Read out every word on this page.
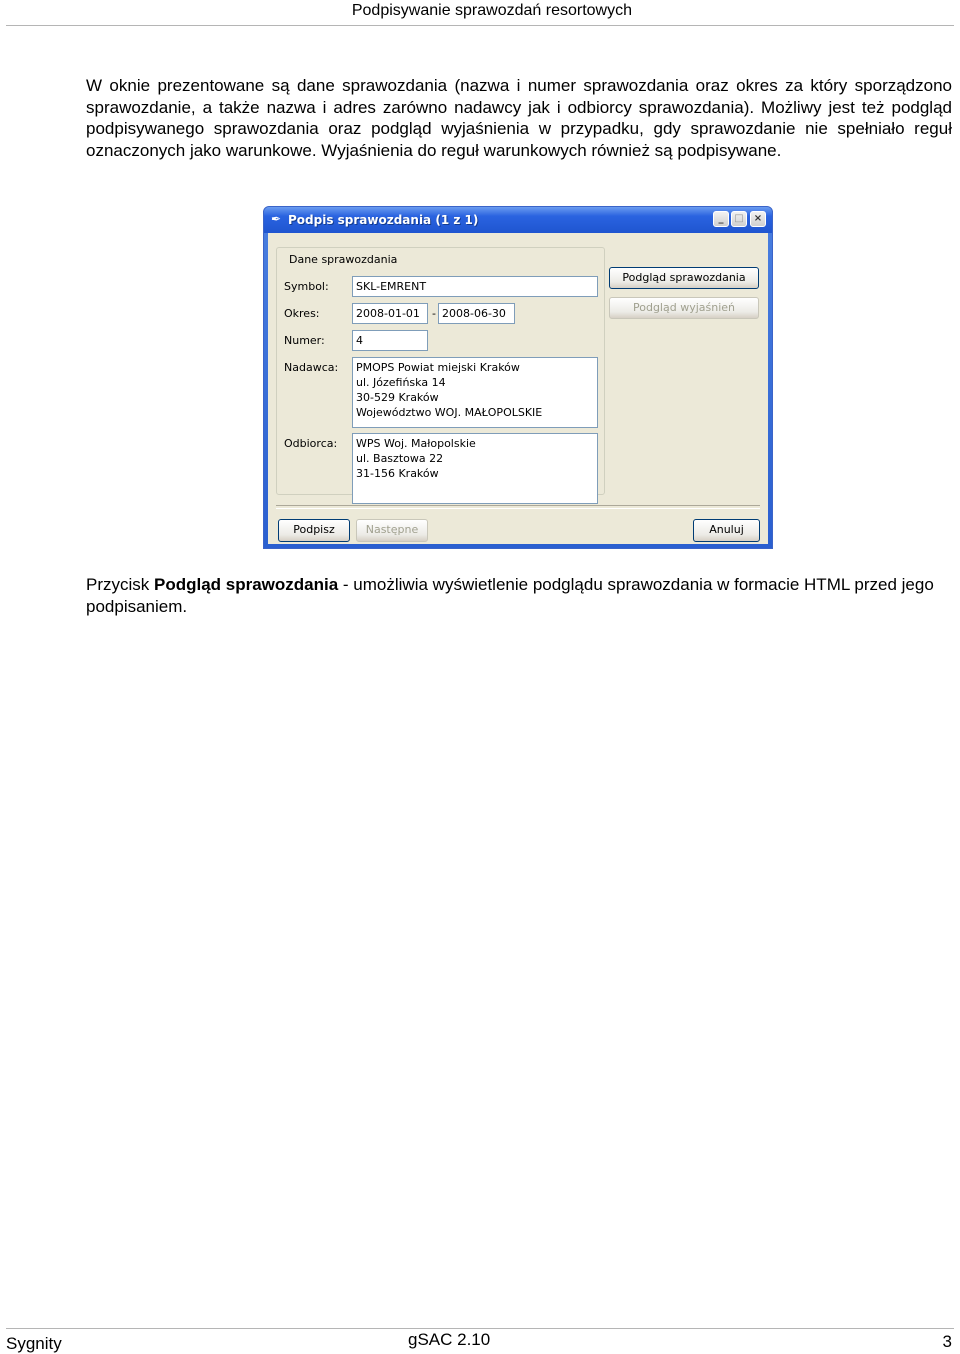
Podpisywanie sprawozdań resortowych
W oknie prezentowane są dane sprawozdania (nazwa i numer sprawozdania oraz okres za który sporządzono sprawozdanie, a także nazwa i adres zarówno nadawcy jak i odbiorcy sprawozdania). Możliwy jest też podgląd podpisywanego sprawozdania oraz podgląd wyjaśnienia w przypadku, gdy sprawozdanie nie spełniało reguł oznaczonych jako warunkowe. Wyjaśnienia do reguł warunkowych również są podpisywane.
✒ Podpis sprawozdania (1 z 1)	_	□	×
Dane sprawozdania
Symbol:	SKL-EMRENT
Okres:	2008-01-01	- 2008-06-30
Numer:	4
Nadawca:	PMOPS Powiat miejski Kraków
ul. Józefińska 14
30-529 Kraków
Województwo WOJ. MAŁOPOLSKIE
Odbiorca:	WPS Woj. Małopolskie
ul. Basztowa 22
31-156 Kraków
Podgląd sprawozdania
Podgląd wyjaśnień
Podpisz	Następne	Anuluj
Przycisk Podgląd sprawozdania - umożliwia wyświetlenie podglądu sprawozdania w formacie HTML przed jego podpisaniem.
Sygnity	gSAC 2.10	3
